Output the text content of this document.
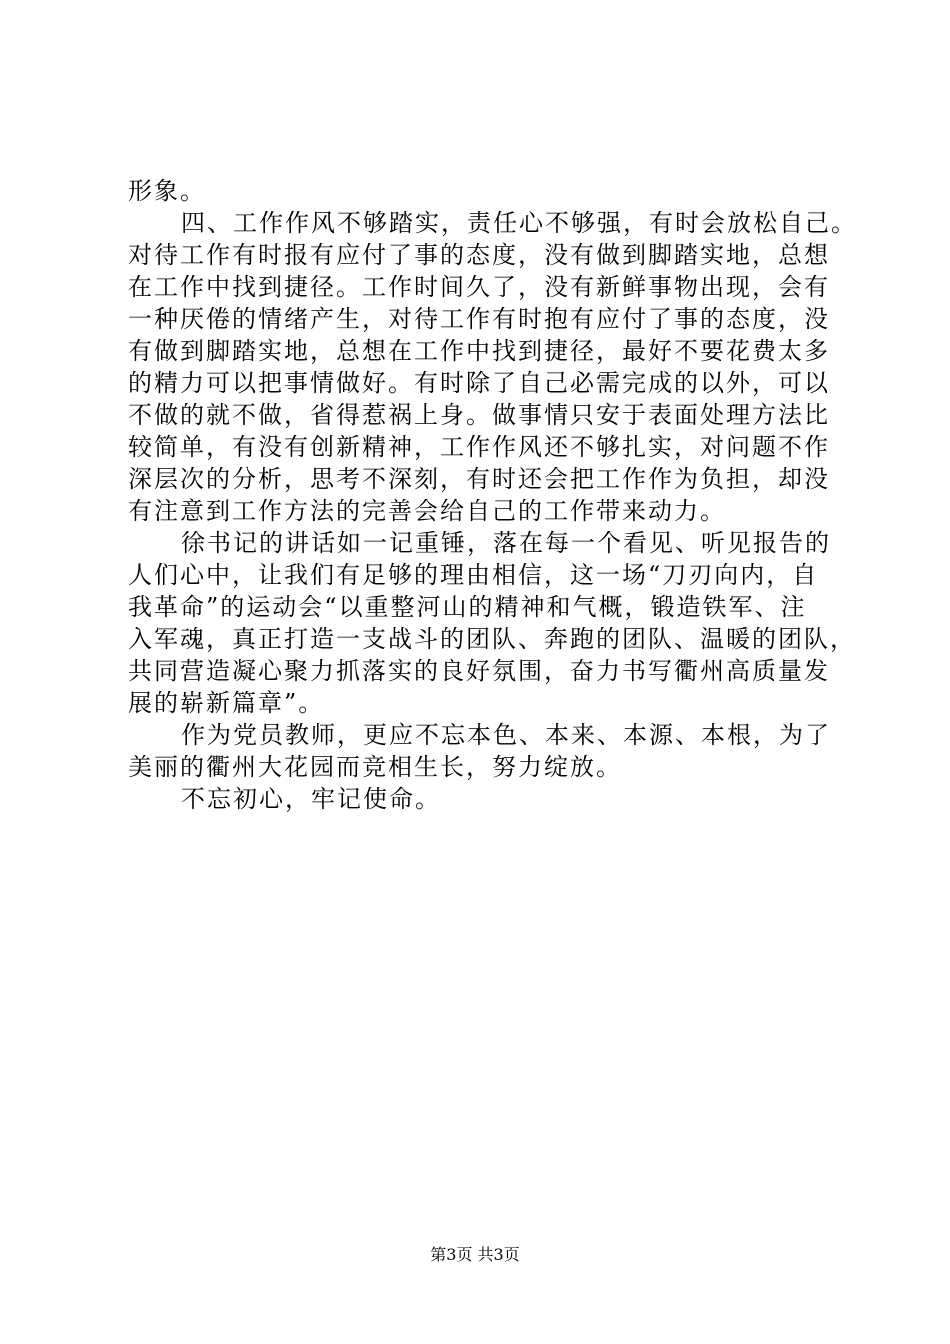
形象。
四、工作作风不够踏实，责任心不够强，有时会放松自己。
对待工作有时报有应付了事的态度，没有做到脚踏实地，总想
在工作中找到捷径。工作时间久了，没有新鲜事物出现，会有
一种厌倦的情绪产生，对待工作有时抱有应付了事的态度，没
有做到脚踏实地，总想在工作中找到捷径，最好不要花费太多
的精力可以把事情做好。有时除了自己必需完成的以外，可以
不做的就不做，省得惹祸上身。做事情只安于表面处理方法比
较简单，有没有创新精神，工作作风还不够扎实，对问题不作
深层次的分析，思考不深刻，有时还会把工作作为负担，却没
有注意到工作方法的完善会给自己的工作带来动力。
徐书记的讲话如一记重锤，落在每一个看见、听见报告的
人们心中，让我们有足够的理由相信，这一场“刀刃向内，自
我革命”的运动会“以重整河山的精神和气概，锻造铁军、注
入军魂，真正打造一支战斗的团队、奔跑的团队、温暖的团队，
共同营造凝心聚力抓落实的良好氛围，奋力书写衢州高质量发
展的崭新篇章”。
作为党员教师，更应不忘本色、本来、本源、本根，为了
美丽的衢州大花园而竞相生长，努力绽放。
不忘初心，牢记使命。
第3页 共3页
